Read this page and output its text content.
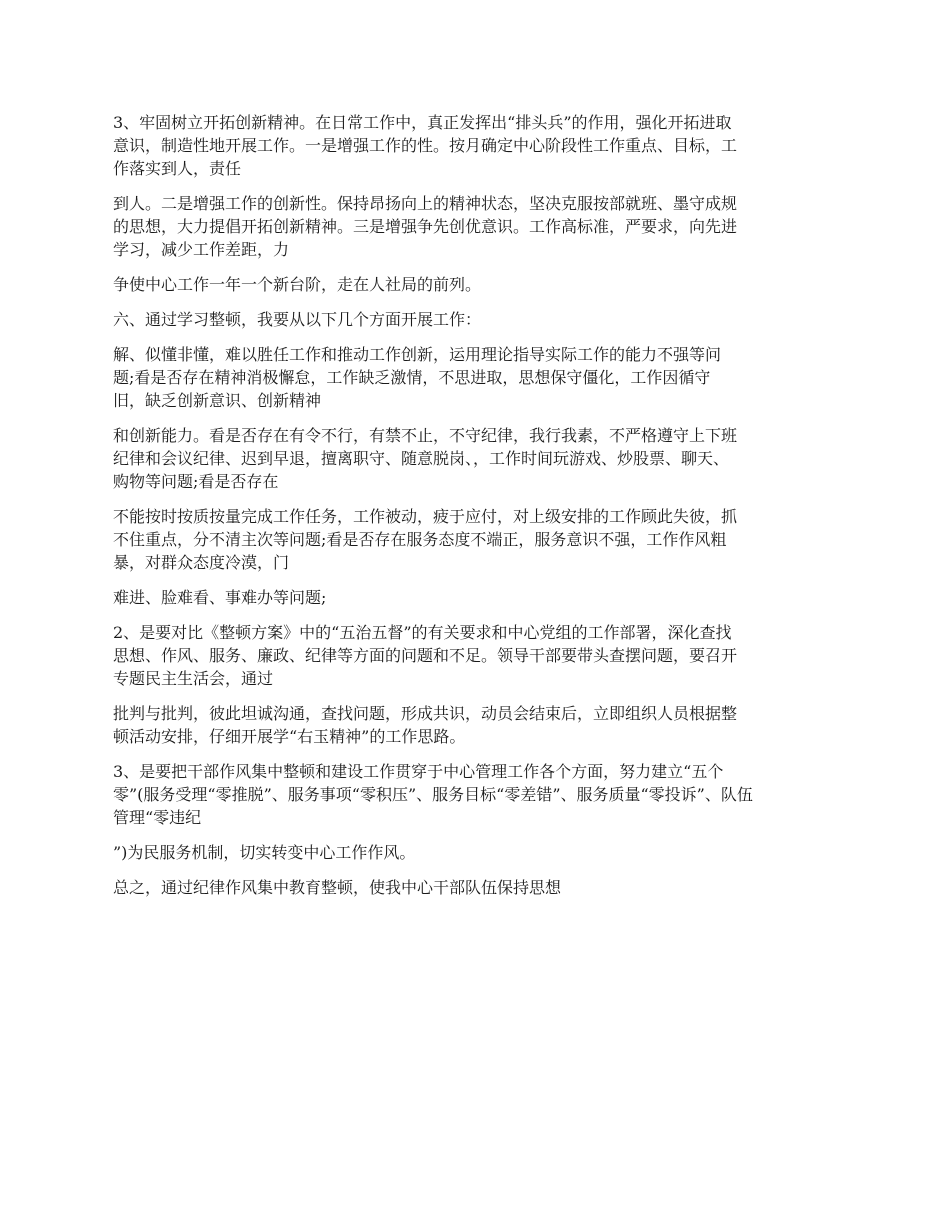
3、牢固树立开拓创新精神。在日常工作中，真正发挥出“排头兵”的作用，强化开拓进取
意识，制造性地开展工作。一是增强工作的性。按月确定中心阶段性工作重点、目标，工
作落实到人，责任

到人。二是增强工作的创新性。保持昂扬向上的精神状态，坚决克服按部就班、墨守成规
的思想，大力提倡开拓创新精神。三是增强争先创优意识。工作高标准，严要求，向先进
学习，减少工作差距，力

争使中心工作一年一个新台阶，走在人社局的前列。

六、通过学习整顿，我要从以下几个方面开展工作：

解、似懂非懂，难以胜任工作和推动工作创新，运用理论指导实际工作的能力不强等问
题;看是否存在精神消极懈怠，工作缺乏激情，不思进取，思想保守僵化，工作因循守
旧，缺乏创新意识、创新精神

和创新能力。看是否存在有令不行，有禁不止，不守纪律，我行我素，不严格遵守上下班
纪律和会议纪律、迟到早退，擅离职守、随意脱岗、，工作时间玩游戏、炒股票、聊天、
购物等问题;看是否存在

不能按时按质按量完成工作任务，工作被动，疲于应付，对上级安排的工作顾此失彼，抓
不住重点，分不清主次等问题;看是否存在服务态度不端正，服务意识不强，工作作风粗
暴，对群众态度冷漠，门

难进、脸难看、事难办等问题;

2、是要对比《整顿方案》中的“五治五督”的有关要求和中心党组的工作部署，深化查找
思想、作风、服务、廉政、纪律等方面的问题和不足。领导干部要带头查摆问题，要召开
专题民主生活会，通过

批判与批判，彼此坦诚沟通，查找问题，形成共识，动员会结束后，立即组织人员根据整
顿活动安排，仔细开展学“右玉精神”的工作思路。

3、是要把干部作风集中整顿和建设工作贯穿于中心管理工作各个方面，努力建立“五个
零”(服务受理“零推脱”、服务事项“零积压”、服务目标“零差错”、服务质量“零投诉”、队伍
管理“零违纪

”)为民服务机制，切实转变中心工作作风。

总之，通过纪律作风集中教育整顿，使我中心干部队伍保持思想
